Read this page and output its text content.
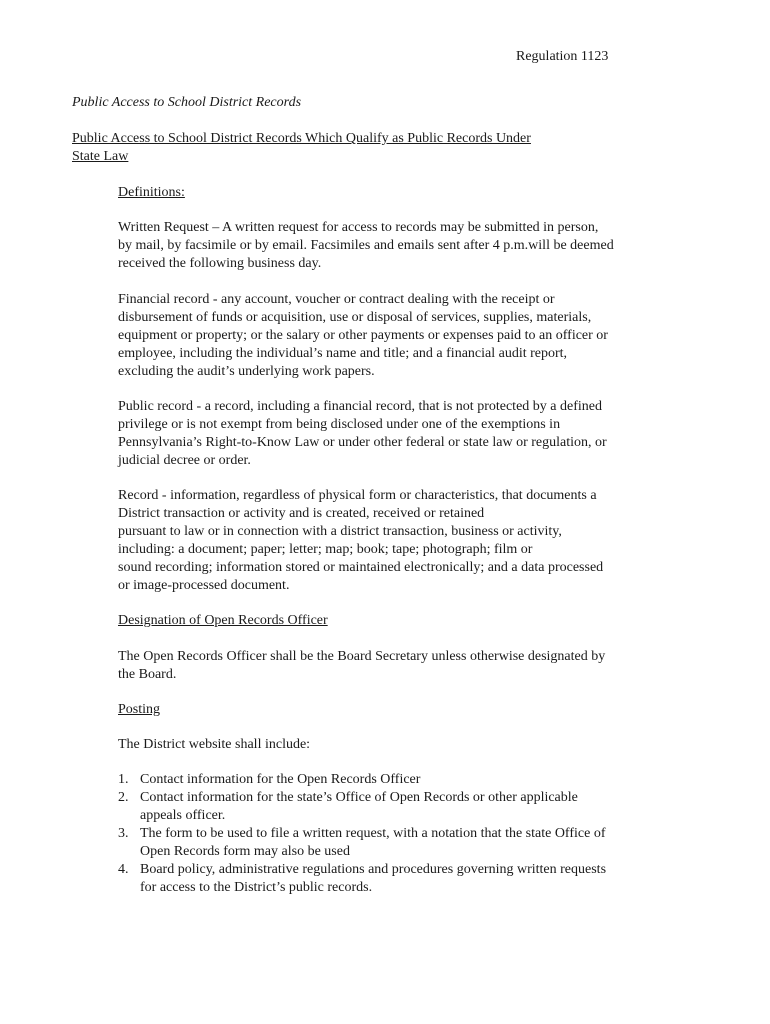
Regulation 1123
Public Access to School District Records
Public Access to School District Records Which Qualify as Public Records Under
State Law
Definitions:
Written Request – A written request for access to records may be submitted in person,
by mail, by facsimile or by email. Facsimiles and emails sent after 4 p.m.will be deemed
received the following business day.
Financial record - any account, voucher or contract dealing with the receipt or
disbursement of funds or acquisition, use or disposal of services, supplies, materials,
equipment or property; or the salary or other payments or expenses paid to an officer or
employee, including the individual’s name and title; and a financial audit report,
excluding the audit’s underlying work papers.
Public record - a record, including a financial record, that is not protected by a defined
privilege or is not exempt from being disclosed under one of the exemptions in
Pennsylvania’s Right-to-Know Law or under other federal or state law or regulation, or
judicial decree or order.
Record - information, regardless of physical form or characteristics, that documents a
District transaction or activity and is created, received or retained
pursuant to law or in connection with a district transaction, business or activity,
including: a document; paper; letter; map; book; tape; photograph; film or
sound recording; information stored or maintained electronically; and a data processed
or image-processed document.
Designation of Open Records Officer
The Open Records Officer shall be the Board Secretary unless otherwise designated by
the Board.
Posting
The District website shall include:
1. Contact information for the Open Records Officer
2. Contact information for the state’s Office of Open Records or other applicable
appeals officer.
3. The form to be used to file a written request, with a notation that the state Office of
Open Records form may also be used
4. Board policy, administrative regulations and procedures governing written requests
for access to the District’s public records.
